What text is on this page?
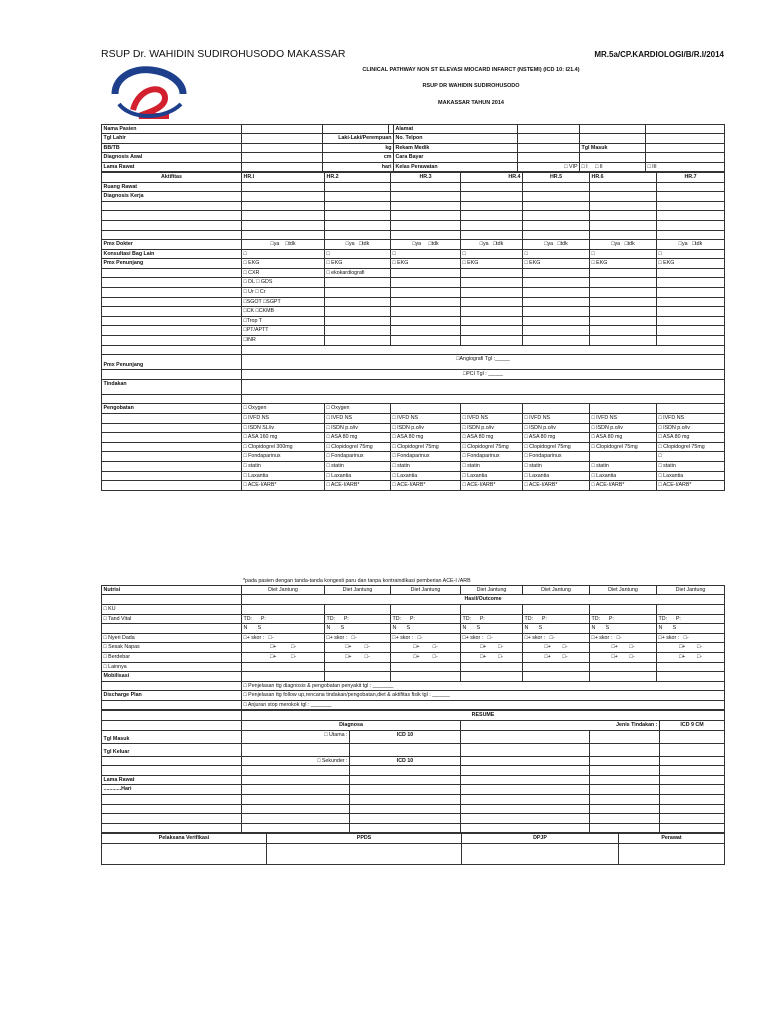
RSUP Dr. WAHIDIN SUDIROHUSODO MAKASSAR	MR.5a/CP.KARDIOLOGI/B/R.I/2014
CLINICAL PATHWAY NON ST ELEVASI MIOCARD INFARCT (NSTEMI) (ICD 10: I21.4)
RSUP DR WAHIDIN SUDIROHUSODO
MAKASSAR TAHUN 2014
Nama Pasien				Alamat			
Tgl Lahir		Laki-Laki/Perempuan		No. Telpon			
BB/TB		kg		Rekam Medik		Tgl Masuk	
Diagnosis Awal		cm		Cara Bayar			
Lama Rawat		hari		Kelas Perawatan	□ VIP	□ I □ II	□ III
Aktifitas	HR.I	HR.2	HR.3	HR.4	HR.5	HR.6	HR.7
Ruang Rawat							
Diagnosis Kerja							

Pmx Dokter	□ya □tdk	□ya □tdk	□ya □tdk	□ya □tdk	□ya □tdk	□ya □tdk	□ya □tdk
Konsultasi Bag Lain	□	□	□	□	□	□	□
Pmx Penunjang	□ EKG	□ EKG	□ EKG	□ EKG	□ EKG	□ EKG	□ EKG
	□ CXR	□ ekokardiografi					
	□ DL □ GDS						
	□ Ur □ Cr						
	□SGOT □SGPT						
	□CK □CKMB						
	□Trop T						
	□PT/APTT						
	□INR						

Pmx Penunjang	□Angiografi Tgl :_____						
	□PCI Tgl : _____						
Tindakan							

Pengobatan	□ Oxygen	□ Oxygen					
	□ IVFD NS	□ IVFD NS	□ IVFD NS	□ IVFD NS	□ IVFD NS	□ IVFD NS	□ IVFD NS
	□ ISDN SL/iv	□ ISDN p.o/iv	□ ISDN p.o/iv	□ ISDN p.o/iv	□ ISDN p.o/iv	□ ISDN p.o/iv	□ ISDN p.o/iv
	□ ASA 160 mg	□ ASA 80 mg	□ ASA 80 mg	□ ASA 80 mg	□ ASA 80 mg	□ ASA 80 mg	□ ASA 80 mg
	□ Clopidogrel 300mg	□ Clopidogrel 75mg	□ Clopidogrel 75mg	□ Clopidogrel 75mg	□ Clopidogrel 75mg	□ Clopidogrel 75mg	□ Clopidogrel 75mg
	□ Fondaparinux	□ Fondaparinux	□ Fondaparinux	□ Fondaparinux	□ Fondaparinux		□
	□ statin	□ statin	□ statin	□ statin	□ statin	□ statin	□ statin
	□ Laxantia	□ Laxantia	□ Laxantia	□ Laxantia	□ Laxantia	□ Laxantia	□ Laxantia
	□ ACE-I/ARB*	□ ACE-I/ARB*	□ ACE-I/ARB*	□ ACE-I/ARB*	□ ACE-I/ARB*	□ ACE-I/ARB*	□ ACE-I/ARB*
*pada pasien dengan tanda-tanda kongesti paru dan tanpa kontraindikasi pemberian ACE-I /ARB
Nutrisi	Diet Jantung	Diet Jantung	Diet Jantung	Diet Jantung	Diet Jantung	Diet Jantung	Diet Jantung
	Hasil/Outcome						
□ KU							
□ Tand Vital	TD: P:	TD: P:	TD: P:	TD: P:	TD: P:	TD: P:	TD: P:
	N S	N S	N S	N S	N S	N S	N S
□ Nyeri Dada	□+ skor : □-	□+ skor : □-	□+ skor : □-	□+ skor : □-	□+ skor : □-	□+ skor : □-	□+ skor : □-
□ Sesak Napas	□+ □-	□+ □-	□+ □-	□+ □-	□+ □-	□+ □-	□+ □-
□ Berdebar	□+ □-	□+ □-	□+ □-	□+ □-	□+ □-	□+ □-	□+ □-
□ Lainnya							
Mobilisasi							
	□ Penjelasan ttg diagnosis & pengobatan penyakit tgl : _______						
Discharge Plan	□ Penjelasan ttg follow up,rencana tindakan/pengobatan,diet & aktifitas fisik tgl : ______						
	□ Anjuran stop merokok tgl : _______						
	RESUME				
	Diagnosa		Jenis Tindakan :		ICD 9 CM
Tgl Masuk	□ Utama :	ICD 10			
Tgl Keluar					
	□ Sekunder :	ICD 10			

Lama Rawat					
............Hari					

Pelaksana Verifikasi	PPDS	DPJP	Perawat
